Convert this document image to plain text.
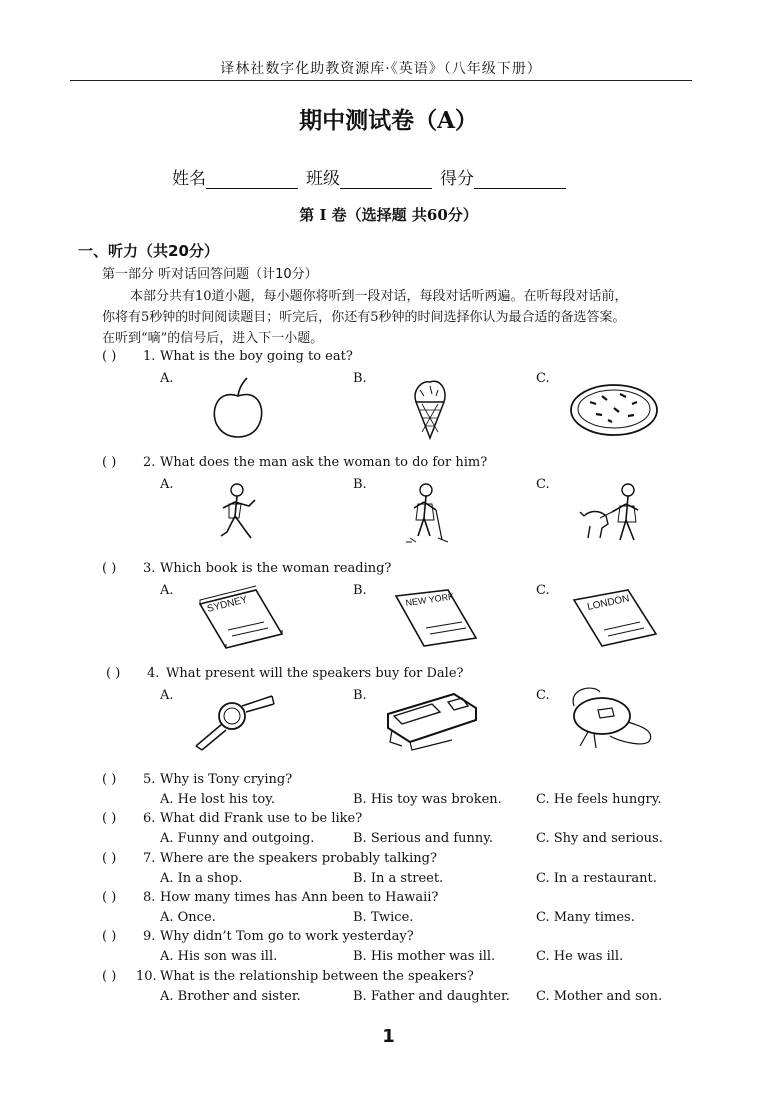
译林社数字化助教资源库·《英语》（八年级下册）
期中测试卷（A）
姓名	班级	得分
第 I 卷（选择题 共60分）
一、听力（共20分）
第一部分 听对话回答问题（计10分）
本部分共有10道小题，每小题你将听到一段对话，每段对话听两遍。在听每段对话前，
你将有5秒钟的时间阅读题目；听完后，你还有5秒钟的时间选择你认为最合适的备选答案。
在听到“嘀”的信号后，进入下一小题。
( ) 1. What is the boy going to eat?
A.	B.	C.
( ) 2. What does the man ask the woman to do for him?
A.	B.	C.
( ) 3. Which book is the woman reading?
A.	B.	C.
SYDNEY	NEW YORK	LONDON
( ) 4. What present will the speakers buy for Dale?
A.	B.	C.
( ) 5. Why is Tony crying?
A. He lost his toy.	B. His toy was broken.	C. He feels hungry.
( ) 6. What did Frank use to be like?
A. Funny and outgoing.	B. Serious and funny.	C. Shy and serious.
( ) 7. Where are the speakers probably talking?
A. In a shop.	B. In a street.	C. In a restaurant.
( ) 8. How many times has Ann been to Hawaii?
A. Once.	B. Twice.	C. Many times.
( ) 9. Why didn’t Tom go to work yesterday?
A. His son was ill.	B. His mother was ill.	C. He was ill.
( ) 10. What is the relationship between the speakers?
A. Brother and sister.	B. Father and daughter. C. Mother and son.
1
